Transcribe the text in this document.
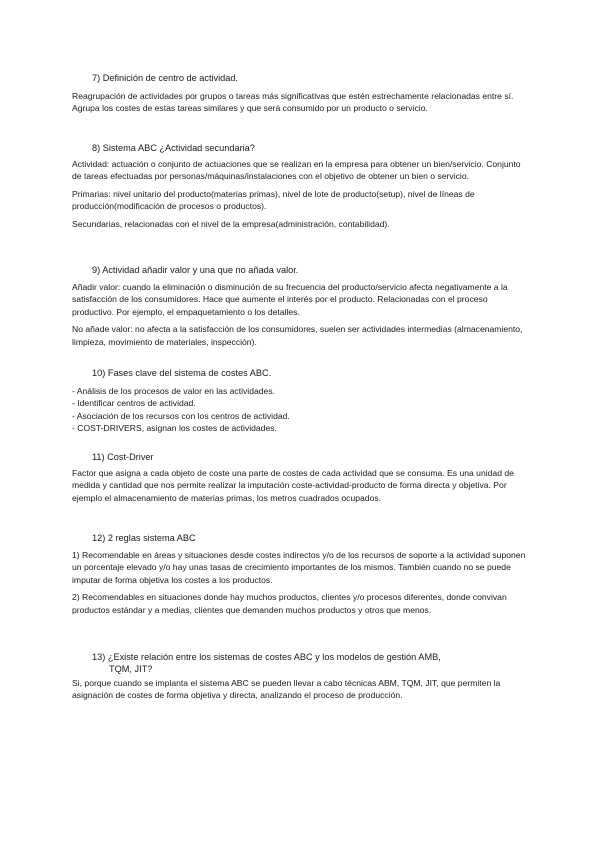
7) Definición de centro de actividad.

Reagrupación de actividades por grupos o tareas más significativas que estén estrechamente relacionadas entre sí.

Agrupa los costes de estas tareas similares y que será consumido por un producto o servicio.

8) Sistema ABC ¿Actividad secundaria?

Actividad: actuación o conjunto de actuaciones que se realizan en la empresa para obtener un bien/servicio. Conjunto de tareas efectuadas por personas/máquinas/instalaciones con el objetivo de obtener un bien o servicio.

Primarias: nivel unitario del producto(materias primas), nivel de lote de producto(setup), nivel de líneas de producción(modificación de procesos o productos).

Secundarias, relacionadas con el nivel de la empresa(administración, contabilidad).

9) Actividad añadir valor y una que no añada valor.

Añadir valor: cuando la eliminación o disminución de su frecuencia del producto/servicio afecta negativamente a la satisfacción de los consumidores. Hace que aumente el interés por el producto. Relacionadas con el proceso productivo. Por ejemplo, el empaquetamiento o los detalles.

No añade valor: no afecta a la satisfacción de los consumidores, suelen ser actividades intermedias (almacenamiento, limpieza, movimiento de materiales, inspección).

10) Fases clave del sistema de costes ABC.

- Análisis de los procesos de valor en las actividades.

- Identificar centros de actividad.

- Asociación de los recursos con los centros de actividad.

- COST-DRIVERS, asignan los costes de actividades.

11) Cost-Driver

Factor que asigna a cada objeto de coste una parte de costes de cada actividad que se consuma. Es una unidad de medida y cantidad que nos permite realizar la imputación coste-actividad-producto de forma directa y objetiva. Por ejemplo el almacenamiento de materias primas, los metros cuadrados ocupados.

12) 2 reglas sistema ABC

1) Recomendable en áreas y situaciones desde costes indirectos y/o de los recursos de soporte a la actividad suponen un porcentaje elevado y/o hay unas tasas de crecimiento importantes de los mismos. También cuando no se puede imputar de forma objetiva los costes a los productos.

2) Recomendables en situaciones donde hay muchos productos, clientes y/o procesos diferentes, donde convivan productos estándar y a medias, clientes que demanden muchos productos y otros que menos.

13) ¿Existe relación entre los sistemas de costes ABC y los modelos de gestión AMB,
TQM, JIT?

Si, porque cuando se implanta el sistema ABC se pueden llevar a cabo técnicas ABM, TQM, JIT, que permiten la asignación de costes de forma objetiva y directa, analizando el proceso de producción.
